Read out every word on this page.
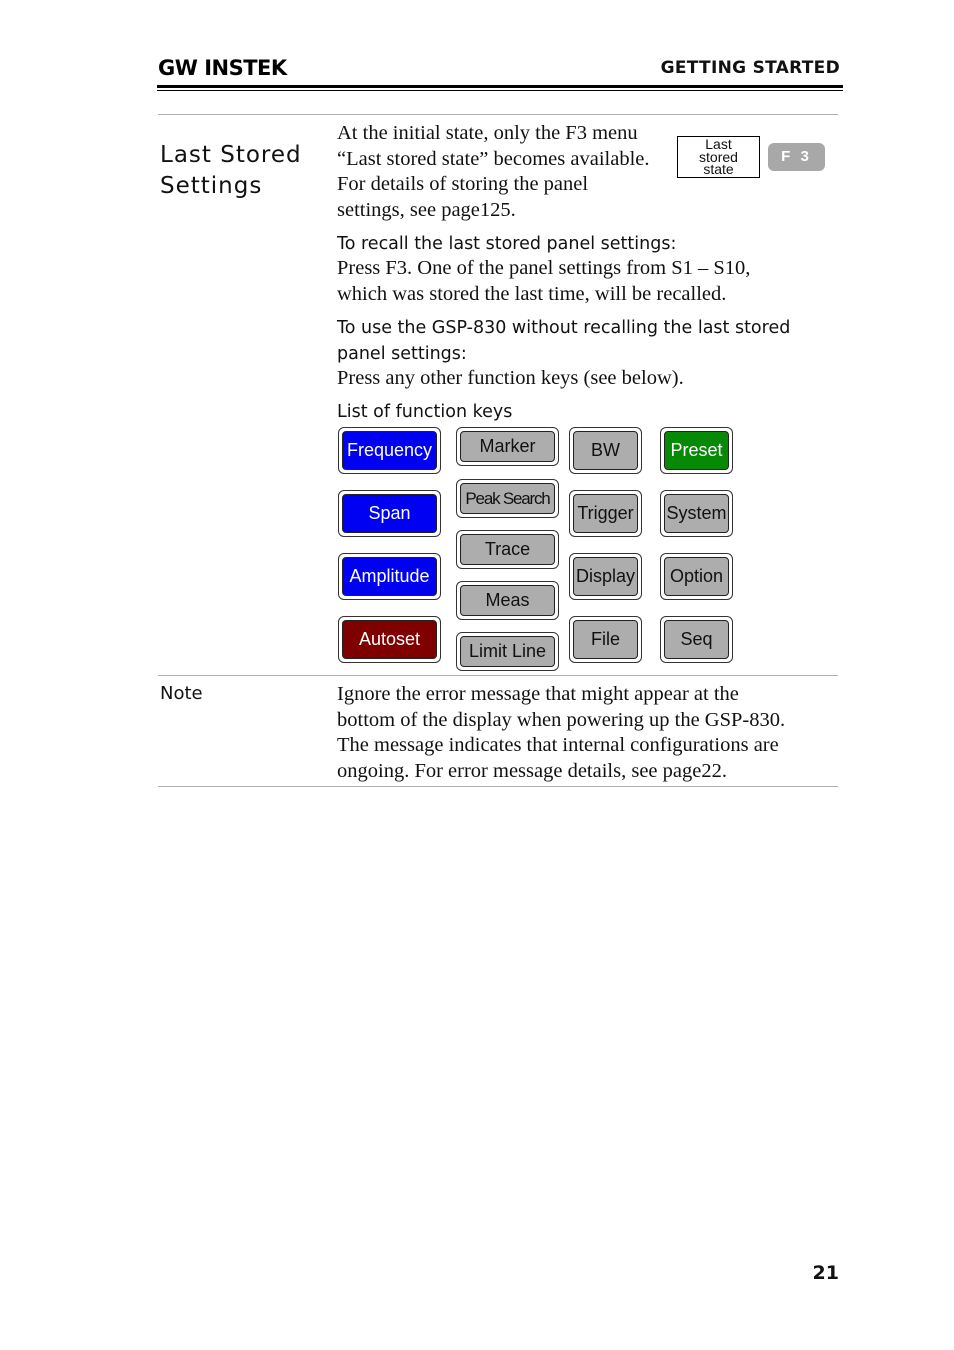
GW INSTEK	GETTING STARTED
Last Stored
Settings
At the initial state, only the F3 menu
“Last stored state” becomes available.
For details of storing the panel
settings, see page125.
Last
stored
state
F 3
To recall the last stored panel settings:
Press F3. One of the panel settings from S1 – S10,
which was stored the last time, will be recalled.
To use the GSP-830 without recalling the last stored
panel settings:
Press any other function keys (see below).
List of function keys
Frequency	Marker	BW	Preset
Span
Peak Search
Trigger System
Trace
Amplitude	Display	Option
Meas
Autoset	File	Seq
Limit Line
Note	Ignore the error message that might appear at the
bottom of the display when powering up the GSP-830.
The message indicates that internal configurations are
ongoing. For error message details, see page22.
21
